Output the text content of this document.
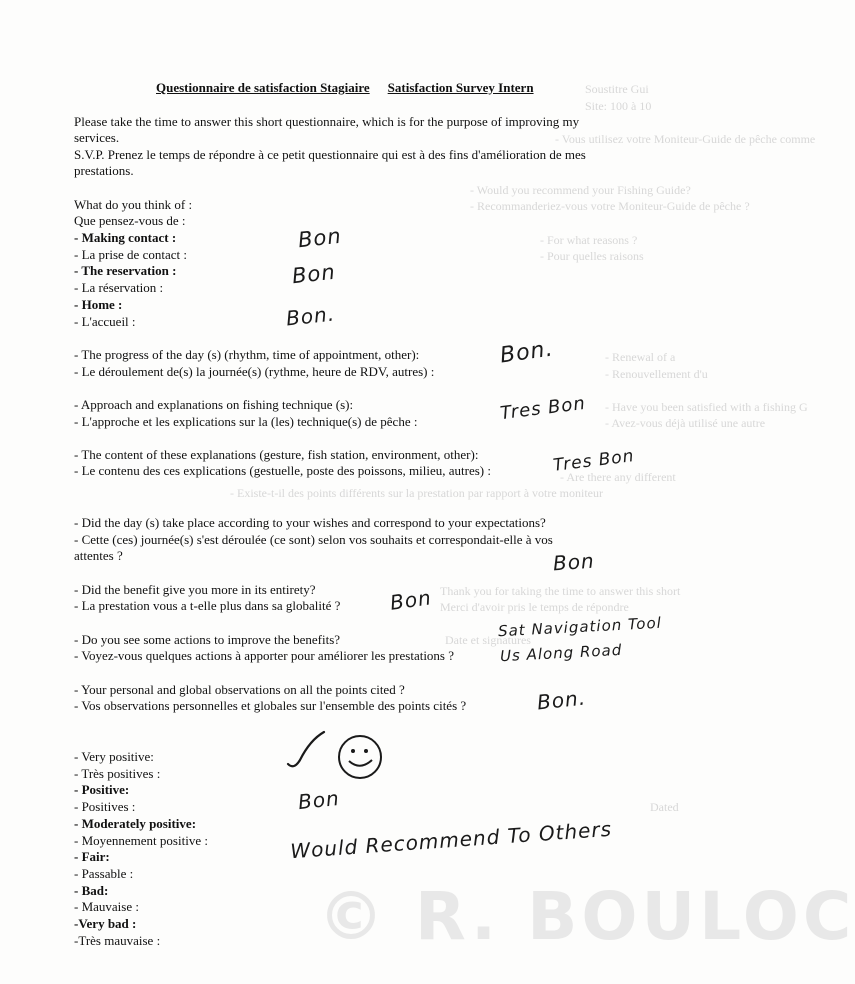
Soustitre Gui
Site: 100 à 10
- Vous utilisez votre Moniteur-Guide de pêche comme
- Would you recommend your Fishing Guide?
- Recommanderiez-vous votre Moniteur-Guide de pêche ?
- For what reasons ?
- Pour quelles raisons
- Renewal of a
- Renouvellement d'u
- Have you been satisfied with a fishing G
- Avez-vous déjà utilisé une autre
- Are there any different
- Existe-t-il des points différents sur la prestation par rapport à votre moniteur
Thank you for taking the time to answer this short
Merci d'avoir pris le temps de répondre
Date et signatures
Dated
Questionnaire de satisfaction Stagiaire Satisfaction Survey Intern
Please take the time to answer this short questionnaire, which is for the purpose of improving my
services.
S.V.P. Prenez le temps de répondre à ce petit questionnaire qui est à des fins d'amélioration de mes
prestations.
What do you think of :
Que pensez-vous de :
- Making contact :
- La prise de contact :
- The reservation :
- La réservation :
- Home :
- L'accueil :
Bon
Bon
Bon.
- The progress of the day (s) (rhythm, time of appointment, other):
- Le déroulement de(s) la journée(s) (rythme, heure de RDV, autres) :
Bon.
- Approach and explanations on fishing technique (s):
- L'approche et les explications sur la (les) technique(s) de pêche :	Tres Bon
- The content of these explanations (gesture, fish station, environment, other):
- Le contenu des ces explications (gestuelle, poste des poissons, milieu, autres) :	Tres Bon
- Did the day (s) take place according to your wishes and correspond to your expectations?
- Cette (ces) journée(s) s'est déroulée (ce sont) selon vos souhaits et correspondait-elle à vos
attentes ?	Bon
- Did the benefit give you more in its entirety?
- La prestation vous a t-elle plus dans sa globalité ? Bon
- Do you see some actions to improve the benefits?
- Voyez-vous quelques actions à apporter pour améliorer les prestations ?
Sat Navigation Tool
Us Along Road
- Your personal and global observations on all the points cited ?
- Vos observations personnelles et globales sur l'ensemble des points cités ?	Bon.
- Very positive:
- Très positives :
- Positive:
- Positives :
- Moderately positive:
- Moyennement positive :
- Fair:
- Passable :
- Bad:
- Mauvaise :
-Very bad :
-Très mauvaise :
Bon
Would Recommend To Others
© R. BOULOC
